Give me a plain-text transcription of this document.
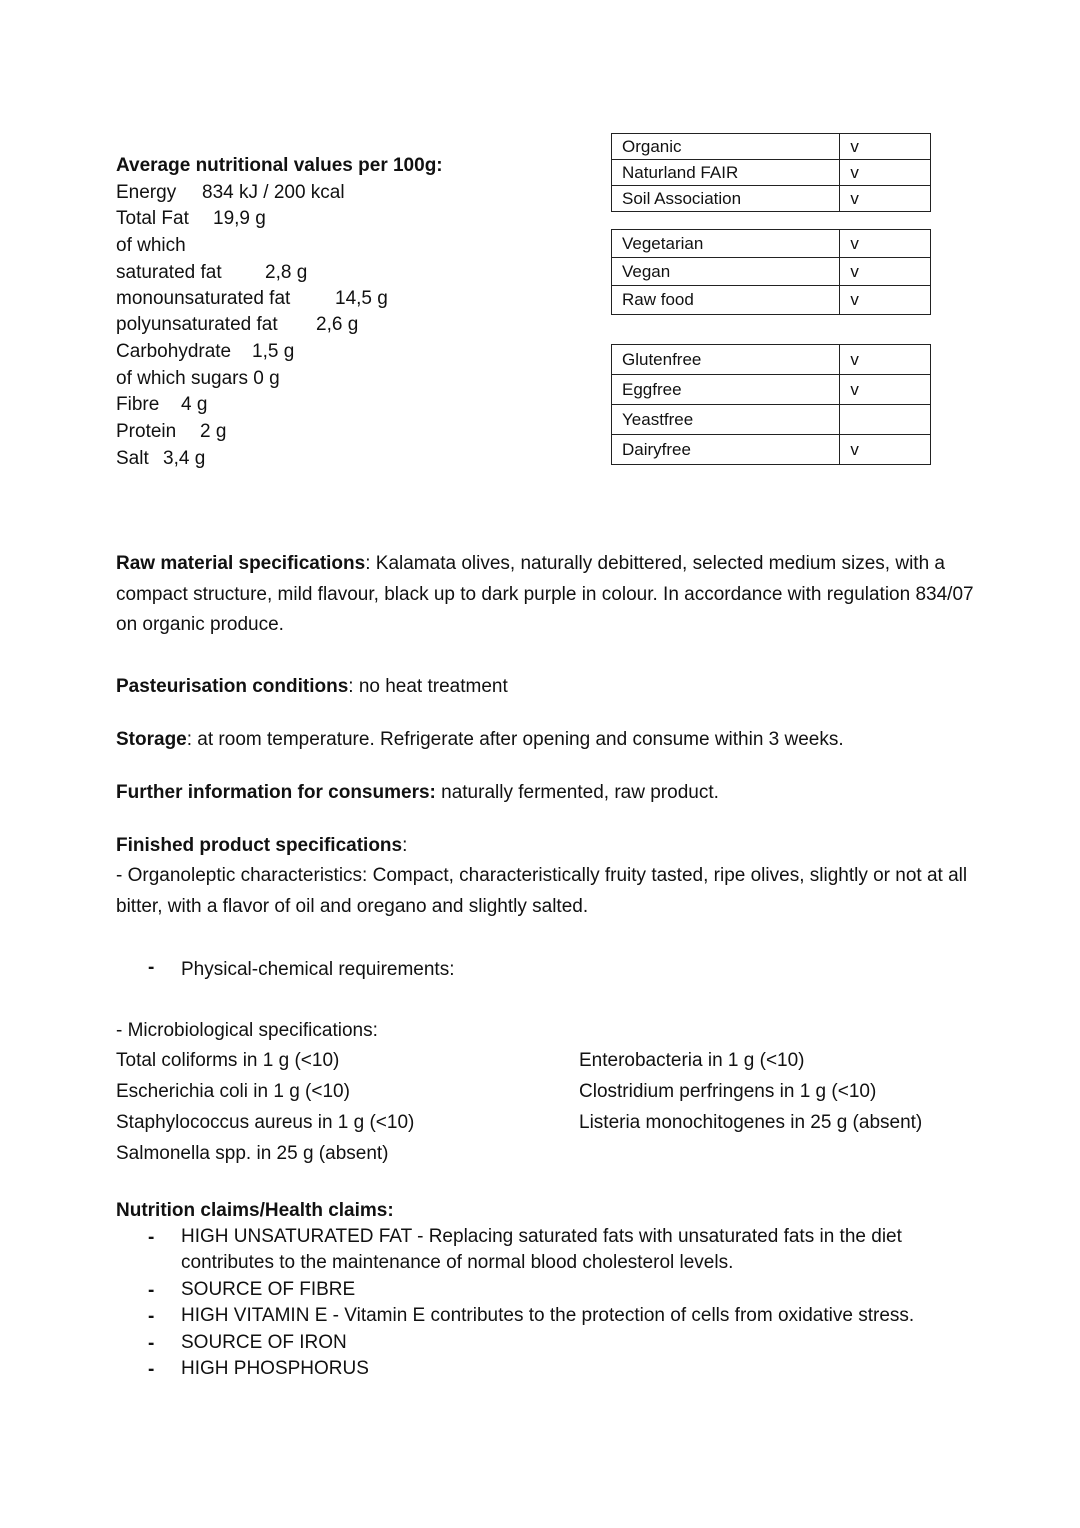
Average nutritional values per 100g:
Energy 834 kJ / 200 kcal
Total Fat 19,9 g
of which
saturated fat 2,8 g
monounsaturated fat 14,5 g
polyunsaturated fat 2,6 g
Carbohydrate 1,5 g
of which sugars 0 g
Fibre 4 g
Protein 2 g
Salt 3,4 g
Organic	v
Naturland FAIR	v
Soil Association	v
Vegetarian	v
Vegan	v
Raw food	v
Glutenfree	v
Eggfree	v
Yeastfree	
Dairyfree	v
Raw material specifications: Kalamata olives, naturally debittered, selected medium sizes, with a compact structure, mild flavour, black up to dark purple in colour. In accordance with regulation 834/07 on organic produce.
Pasteurisation conditions: no heat treatment
Storage: at room temperature. Refrigerate after opening and consume within 3 weeks.
Further information for consumers: naturally fermented, raw product.
Finished product specifications:
- Organoleptic characteristics: Compact, characteristically fruity tasted, ripe olives, slightly or not at all bitter, with a flavor of oil and oregano and slightly salted.
- Physical-chemical requirements:
- Microbiological specifications:
Total coliforms in 1 g (<10)
Escherichia coli in 1 g (<10)
Staphylococcus aureus in 1 g (<10)
Salmonella spp. in 25 g (absent)
Enterobacteria in 1 g (<10)
Clostridium perfringens in 1 g (<10)
Listeria monochitogenes in 25 g (absent)
Nutrition claims/Health claims:
- HIGH UNSATURATED FAT - Replacing saturated fats with unsaturated fats in the diet
contributes to the maintenance of normal blood cholesterol levels.
- SOURCE OF FIBRE
- HIGH VITAMIN E - Vitamin E contributes to the protection of cells from oxidative stress.
- SOURCE OF IRON
- HIGH PHOSPHORUS
